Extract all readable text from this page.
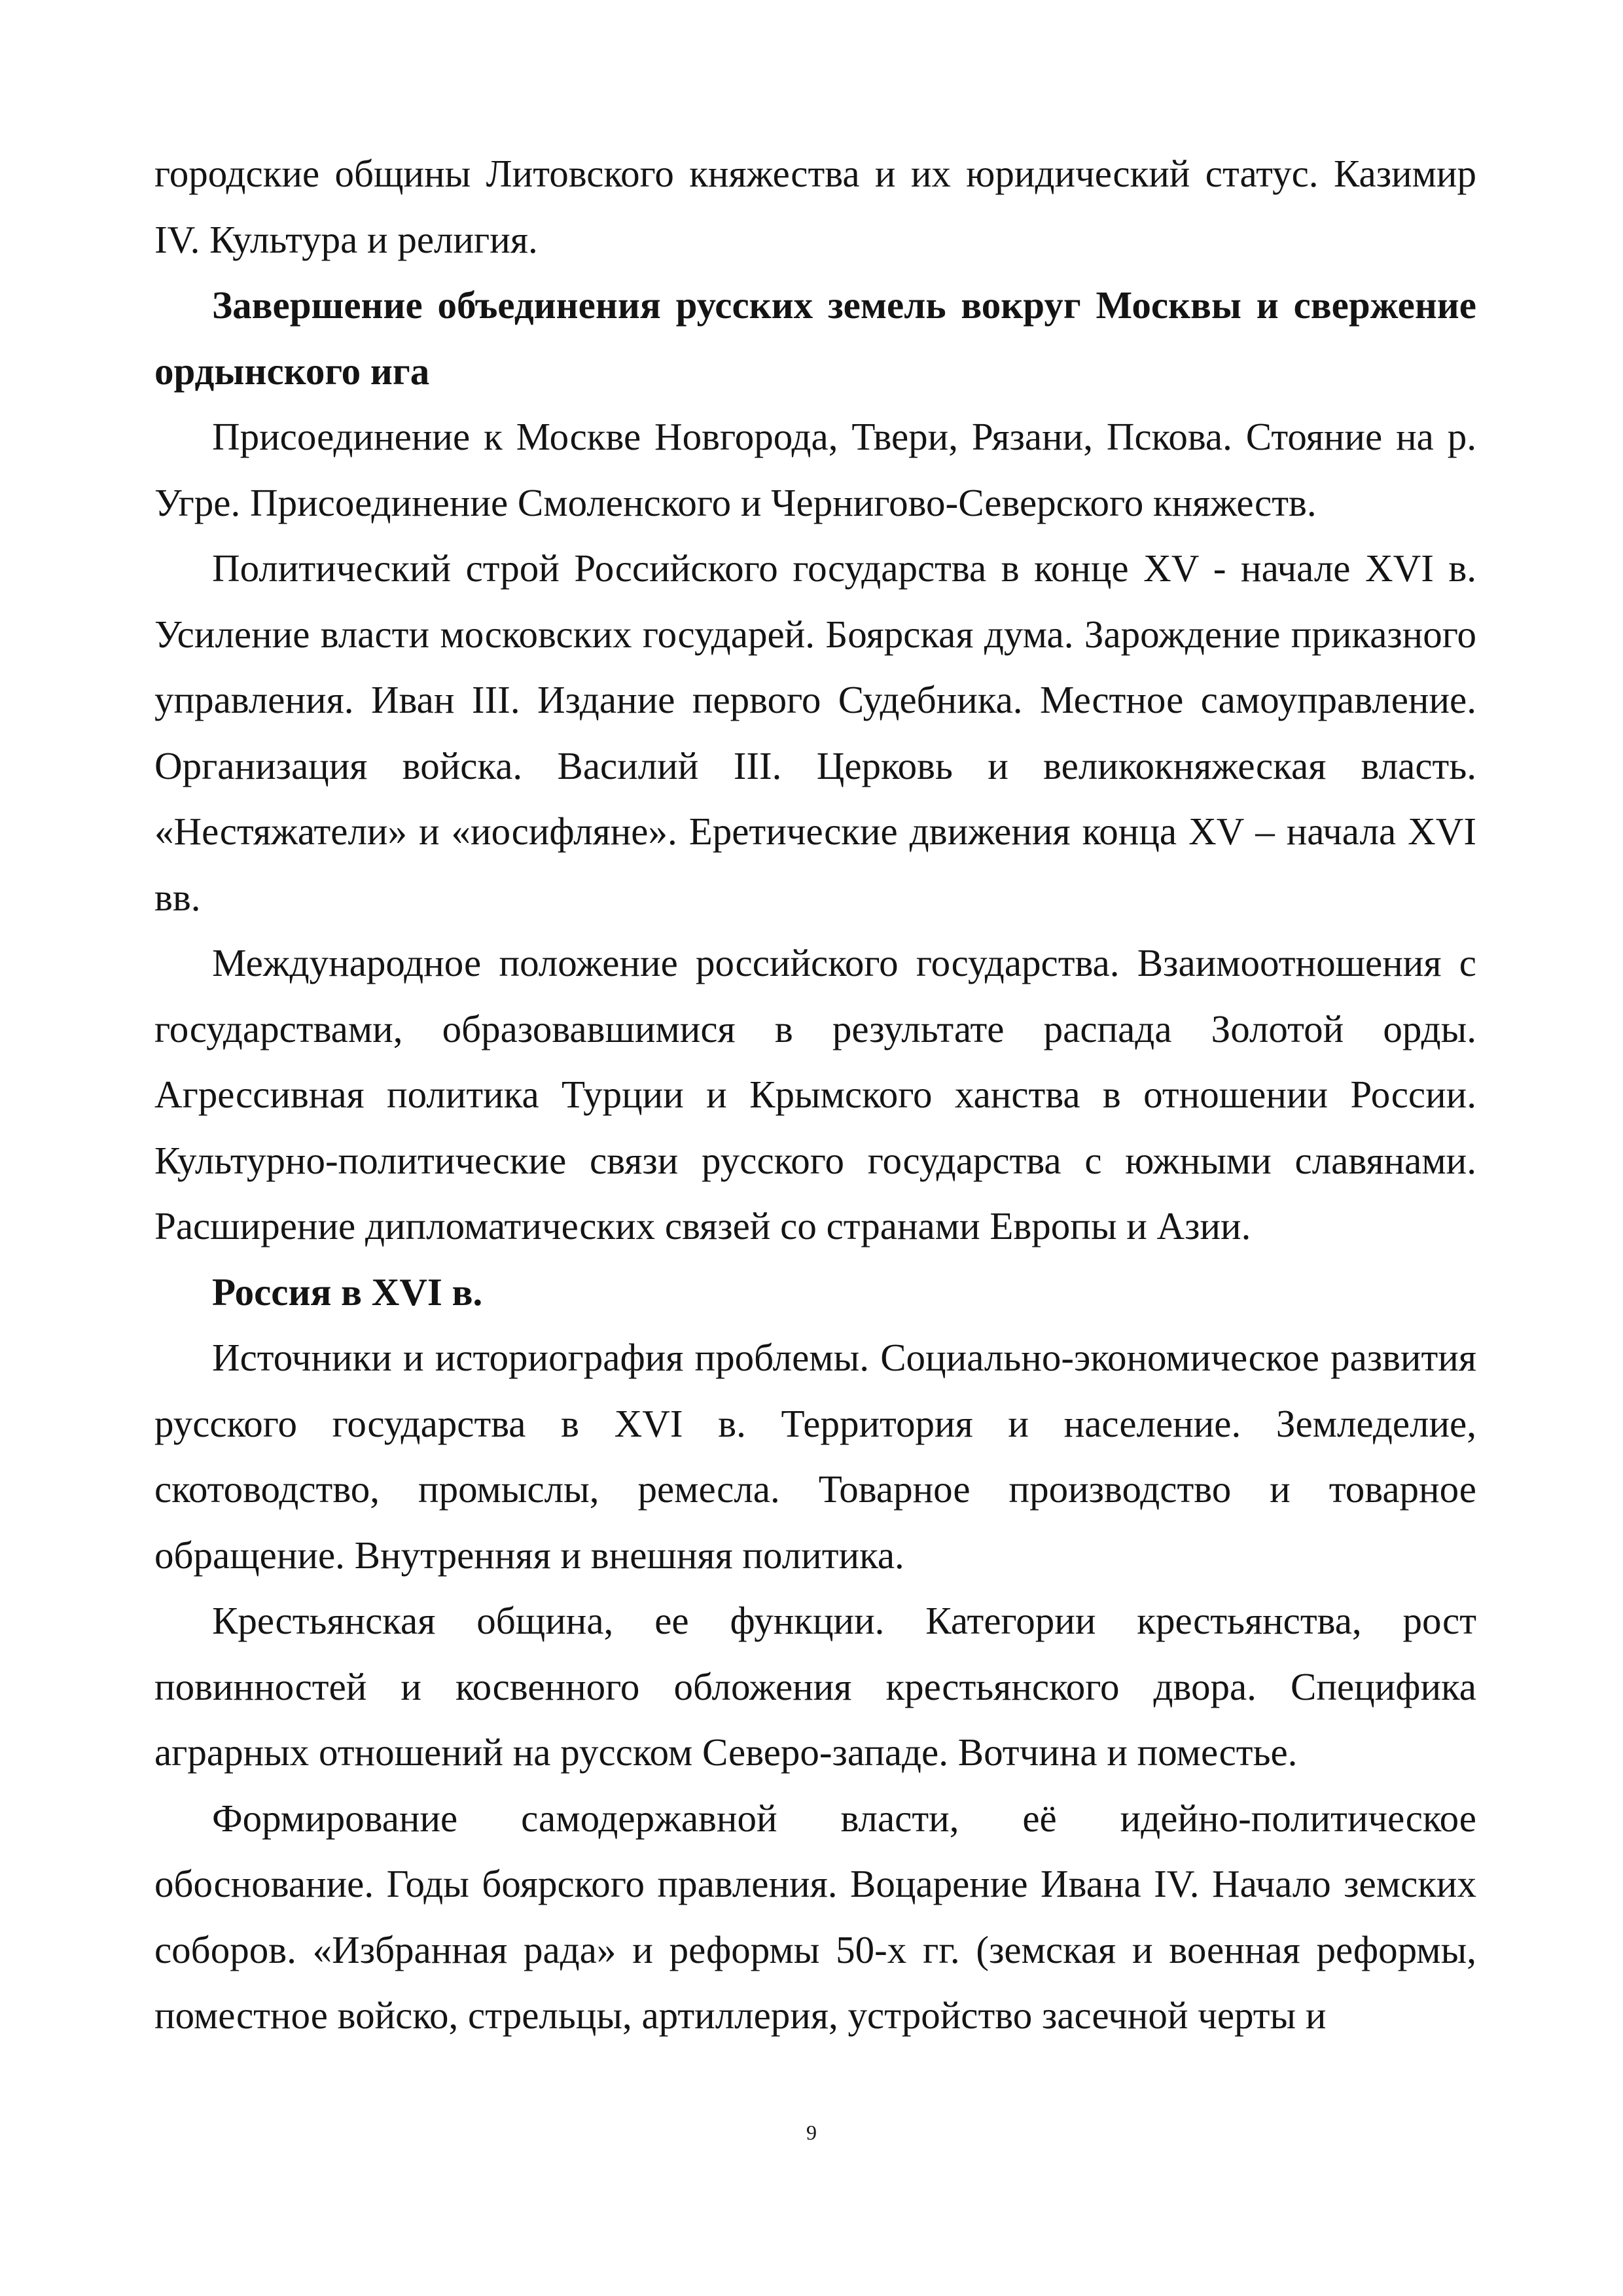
городские общины Литовского княжества и их юридический статус. Казимир IV. Культура и религия.

Завершение объединения русских земель вокруг Москвы и свержение ордынского ига

Присоединение к Москве Новгорода, Твери, Рязани, Пскова. Стояние на р. Угре. Присоединение Смоленского и Чернигово-Северского княжеств.

Политический строй Российского государства в конце XV - начале XVI в. Усиление власти московских государей. Боярская дума. Зарождение приказного управления. Иван III. Издание первого Судебника. Местное самоуправление. Организация войска. Василий III. Церковь и великокняжеская власть. «Нестяжатели» и «иосифляне». Еретические движения конца XV – начала XVI вв.

Международное положение российского государства. Взаимоотношения с государствами, образовавшимися в результате распада Золотой орды. Агрессивная политика Турции и Крымского ханства в отношении России. Культурно-политические связи русского государства с южными славянами. Расширение дипломатических связей со странами Европы и Азии.

Россия в XVI в.

Источники и историография проблемы. Социально-экономическое развития русского государства в XVI в. Территория и население. Земледелие, скотоводство, промыслы, ремесла. Товарное производство и товарное обращение. Внутренняя и внешняя политика.

Крестьянская община, ее функции. Категории крестьянства, рост повинностей и косвенного обложения крестьянского двора. Специфика аграрных отношений на русском Северо-западе. Вотчина и поместье.

Формирование самодержавной власти, её идейно-политическое обоснование. Годы боярского правления. Воцарение Ивана IV. Начало земских соборов. «Избранная рада» и реформы 50-х гг. (земская и военная реформы, поместное войско, стрельцы, артиллерия, устройство засечной черты и

9
